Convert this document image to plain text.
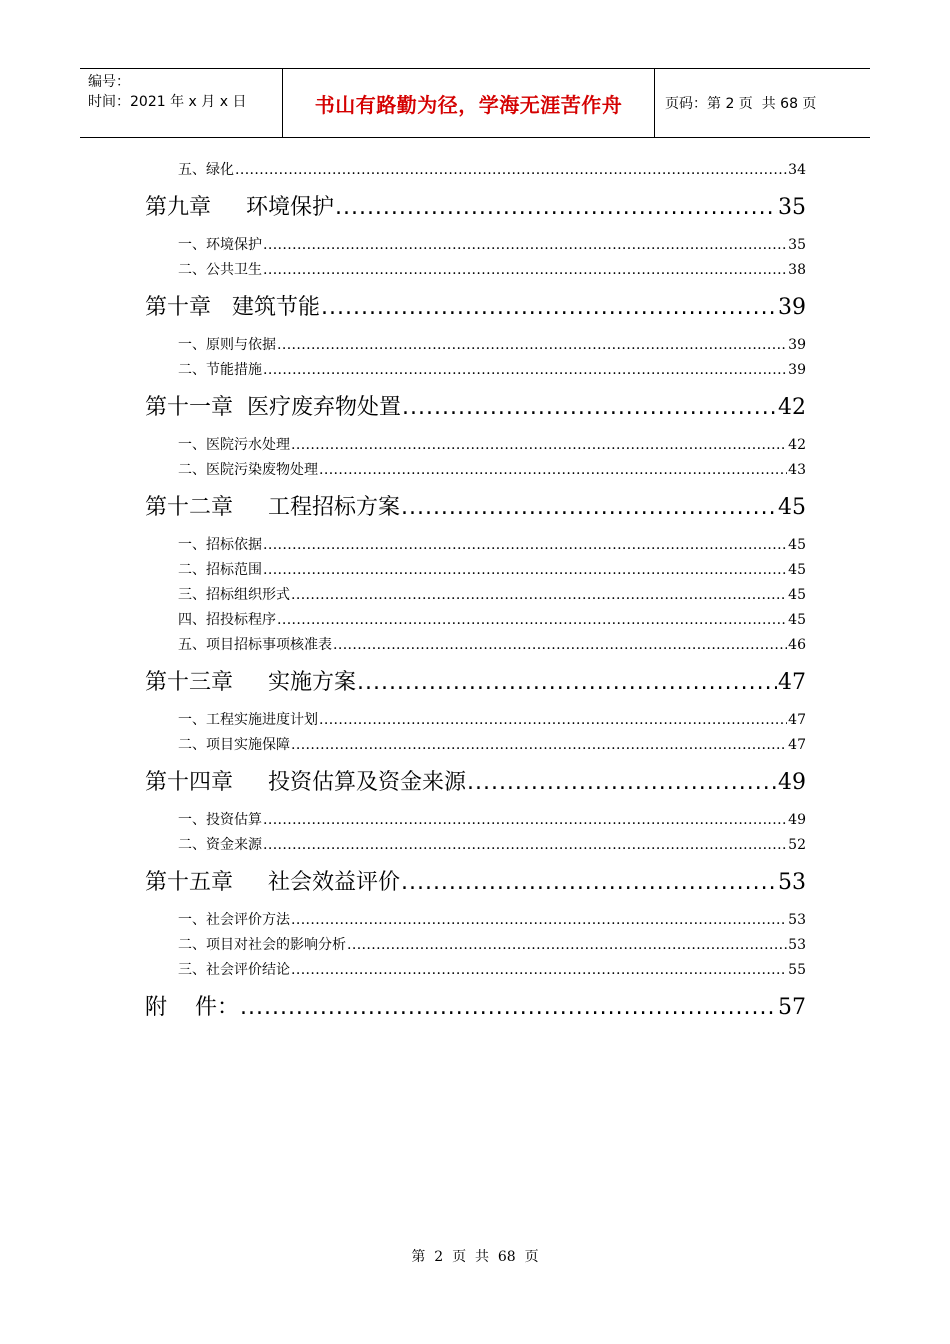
编号：
时间：2021 年 x 月 x 日	书山有路勤为径，学海无涯苦作舟	页码：第 2 页  共 68 页
五、绿化 .....	34
第九章     环境保护 .....	35
一、环境保护 .....	35
二、公共卫生 .....	38
第十章   建筑节能 .....	39
一、原则与依据 .....	39
二、节能措施 .....	39
第十一章  医疗废弃物处置 .....	42
一、医院污水处理 .....	42
二、医院污染废物处理 .....	43
第十二章     工程招标方案 .....	45
一、招标依据 .....	45
二、招标范围 .....	45
三、招标组织形式 .....	45
四、招投标程序 .....	45
五、项目招标事项核准表 .....	46
第十三章     实施方案 .....	47
一、工程实施进度计划 .....	47
二、项目实施保障 .....	47
第十四章     投资估算及资金来源 .....	49
一、投资估算 .....	49
二、资金来源 .....	52
第十五章     社会效益评价 .....	53
一、社会评价方法 .....	53
二、项目对社会的影响分析 .....	53
三、社会评价结论 .....	55
附    件： .....	57
第  2  页  共  68  页
